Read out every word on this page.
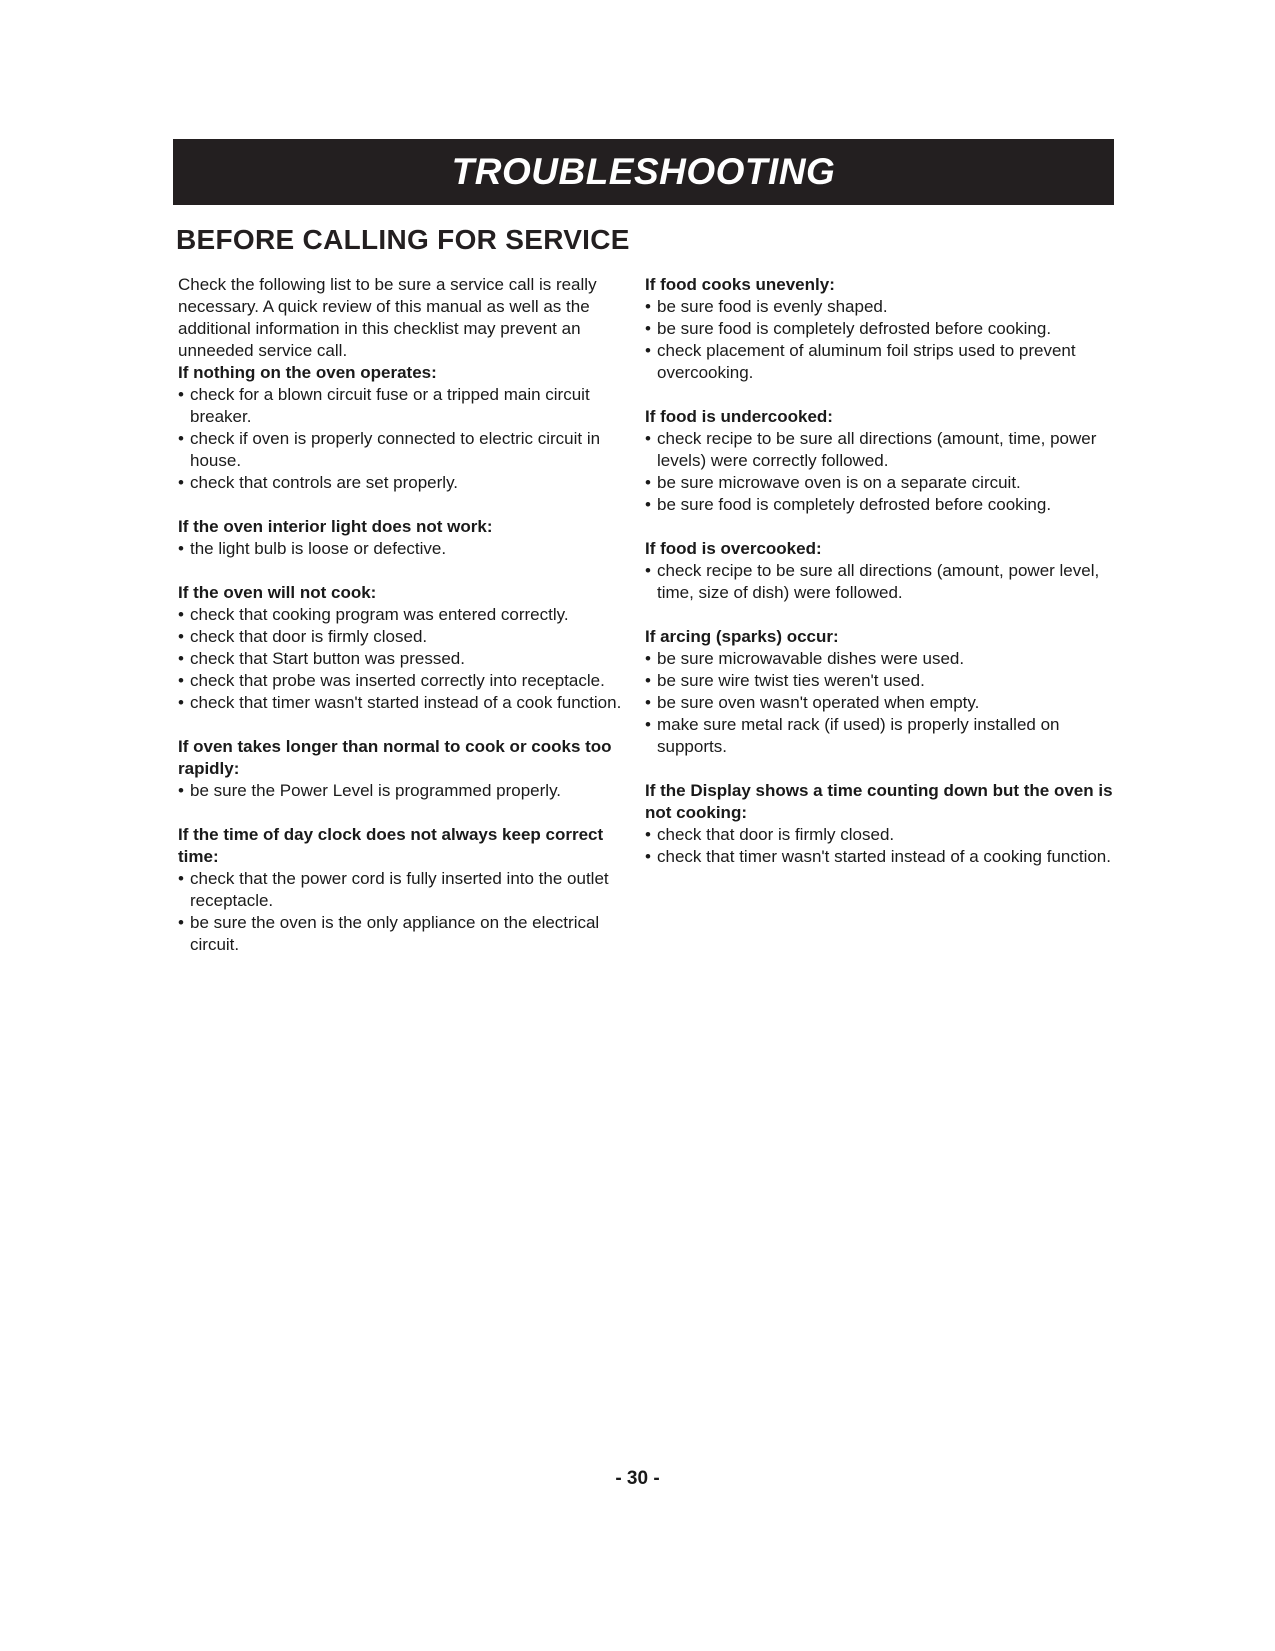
TROUBLESHOOTING
BEFORE CALLING FOR SERVICE

Check the following list to be sure a service call is really necessary. A quick review of this manual as well as the additional information in this checklist may prevent an unneeded service call.

If nothing on the oven operates:

• check for a blown circuit fuse or a tripped main circuit breaker.
• check if oven is properly connected to electric circuit in house.
• check that controls are set properly.

If the oven interior light does not work:

• the light bulb is loose or defective.

If the oven will not cook:

• check that cooking program was entered correctly.
• check that door is firmly closed.
• check that Start button was pressed.
• check that probe was inserted correctly into receptacle.
• check that timer wasn't started instead of a cook function.

If oven takes longer than normal to cook or cooks too rapidly:

• be sure the Power Level is programmed properly.

If the time of day clock does not always keep correct time:

• check that the power cord is fully inserted into the outlet receptacle.
• be sure the oven is the only appliance on the electrical circuit.

If food cooks unevenly:

• be sure food is evenly shaped.
• be sure food is completely defrosted before cooking.
• check placement of aluminum foil strips used to prevent overcooking.

If food is undercooked:

• check recipe to be sure all directions (amount, time, power levels) were correctly followed.
• be sure microwave oven is on a separate circuit.
• be sure food is completely defrosted before cooking.

If food is overcooked:

• check recipe to be sure all directions (amount, power level, time, size of dish) were followed.

If arcing (sparks) occur:

• be sure microwavable dishes were used.
• be sure wire twist ties weren't used.
• be sure oven wasn't operated when empty.
• make sure metal rack (if used) is properly installed on supports.

If the Display shows a time counting down but the oven is not cooking:

• check that door is firmly closed.
• check that timer wasn't started instead of a cooking function.
- 30 -
